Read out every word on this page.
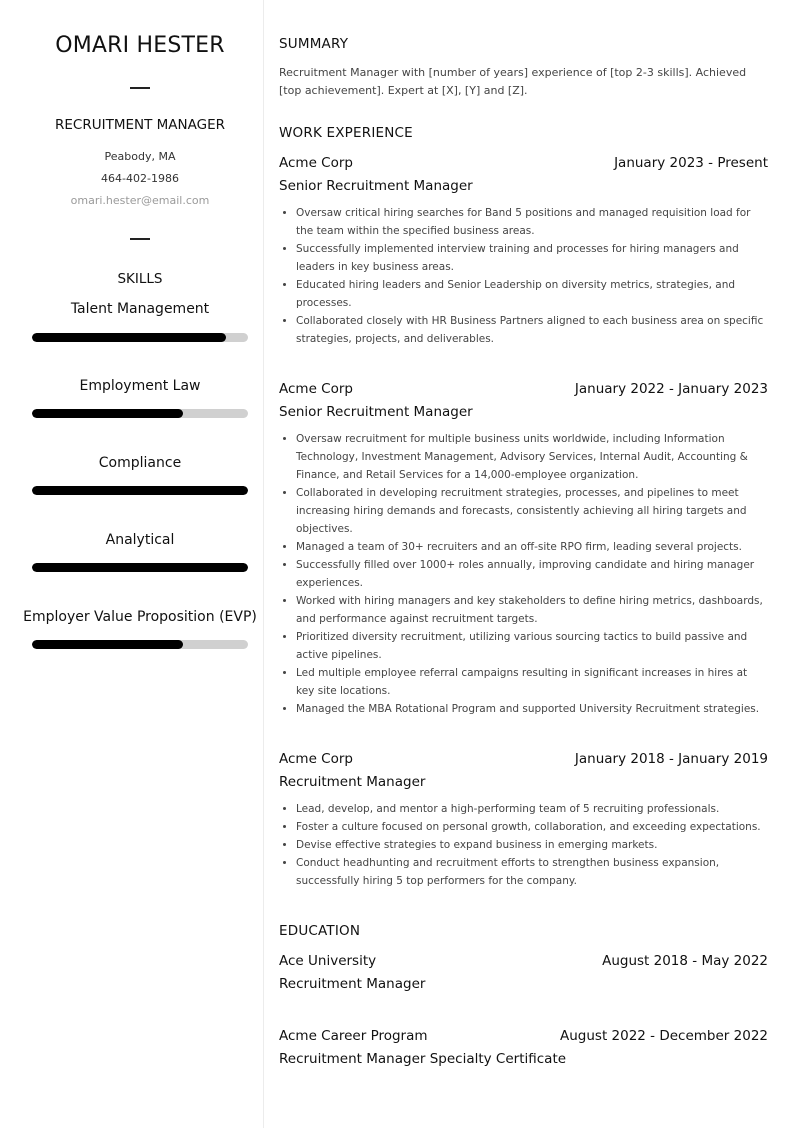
OMARI HESTER
RECRUITMENT MANAGER
Peabody, MA
464-402-1986
omari.hester@email.com
SKILLS
Talent Management
Employment Law
Compliance
Analytical
Employer Value Proposition (EVP)
SUMMARY
Recruitment Manager with [number of years] experience of [top 2-3 skills]. Achieved [top achievement]. Expert at [X], [Y] and [Z].
WORK EXPERIENCE
Acme Corp	January 2023 - Present
Senior Recruitment Manager
• Oversaw critical hiring searches for Band 5 positions and managed requisition load for the team within the specified business areas.
• Successfully implemented interview training and processes for hiring managers and leaders in key business areas.
• Educated hiring leaders and Senior Leadership on diversity metrics, strategies, and processes.
• Collaborated closely with HR Business Partners aligned to each business area on specific strategies, projects, and deliverables.
Acme Corp	January 2022 - January 2023
Senior Recruitment Manager
• Oversaw recruitment for multiple business units worldwide, including Information Technology, Investment Management, Advisory Services, Internal Audit, Accounting & Finance, and Retail Services for a 14,000-employee organization.
• Collaborated in developing recruitment strategies, processes, and pipelines to meet increasing hiring demands and forecasts, consistently achieving all hiring targets and objectives.
• Managed a team of 30+ recruiters and an off-site RPO firm, leading several projects.
• Successfully filled over 1000+ roles annually, improving candidate and hiring manager experiences.
• Worked with hiring managers and key stakeholders to define hiring metrics, dashboards, and performance against recruitment targets.
• Prioritized diversity recruitment, utilizing various sourcing tactics to build passive and active pipelines.
• Led multiple employee referral campaigns resulting in significant increases in hires at key site locations.
• Managed the MBA Rotational Program and supported University Recruitment strategies.
Acme Corp	January 2018 - January 2019
Recruitment Manager
• Lead, develop, and mentor a high-performing team of 5 recruiting professionals.
• Foster a culture focused on personal growth, collaboration, and exceeding expectations.
• Devise effective strategies to expand business in emerging markets.
• Conduct headhunting and recruitment efforts to strengthen business expansion, successfully hiring 5 top performers for the company.
EDUCATION
Ace University	August 2018 - May 2022
Recruitment Manager
Acme Career Program	August 2022 - December 2022
Recruitment Manager Specialty Certificate
